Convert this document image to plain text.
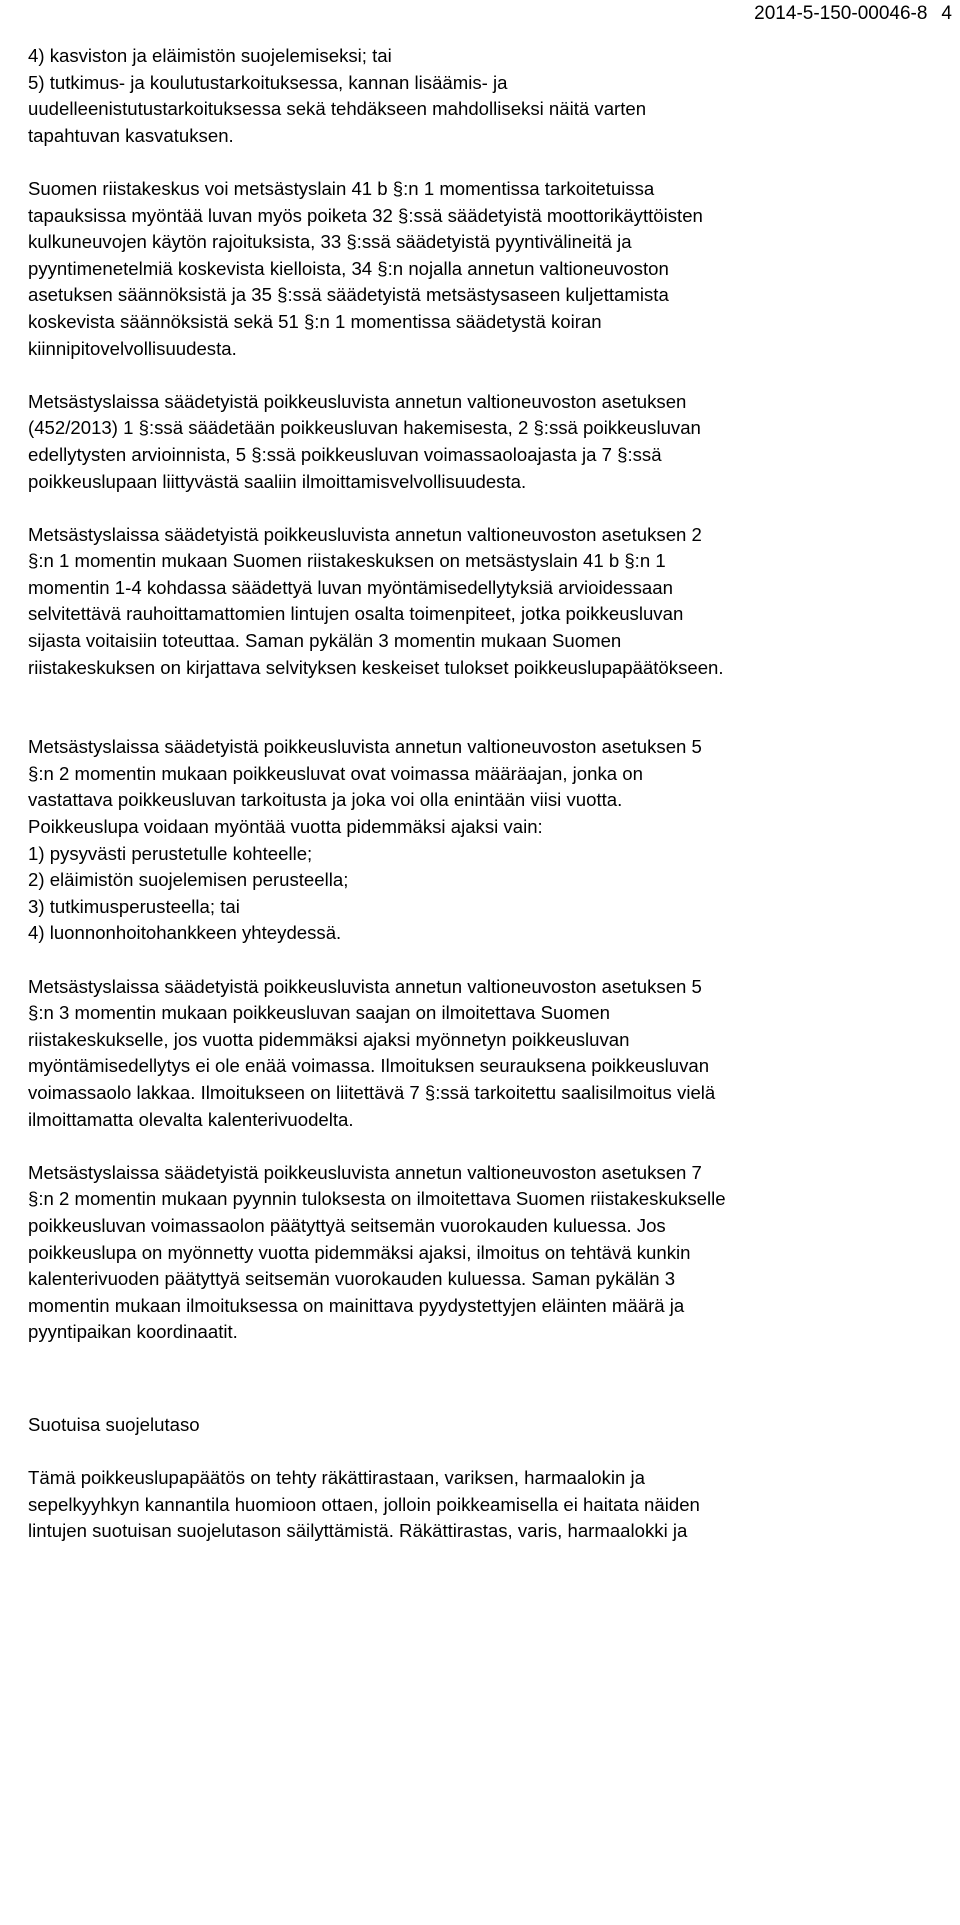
2014-5-150-00046-8 4

4) kasviston ja eläimistön suojelemiseksi; tai
5) tutkimus- ja koulutustarkoituksessa, kannan lisäämis- ja
uudelleenistutustarkoituksessa sekä tehdäkseen mahdolliseksi näitä varten
tapahtuvan kasvatuksen.

Suomen riistakeskus voi metsästyslain 41 b §:n 1 momentissa tarkoitetuissa
tapauksissa myöntää luvan myös poiketa 32 §:ssä säädetyistä moottorikäyttöisten
kulkuneuvojen käytön rajoituksista, 33 §:ssä säädetyistä pyyntivälineitä ja
pyyntimenetelmiä koskevista kielloista, 34 §:n nojalla annetun valtioneuvoston
asetuksen säännöksistä ja 35 §:ssä säädetyistä metsästysaseen kuljettamista
koskevista säännöksistä sekä 51 §:n 1 momentissa säädetystä koiran
kiinnipitovelvollisuudesta.

Metsästyslaissa säädetyistä poikkeusluvista annetun valtioneuvoston asetuksen
(452/2013) 1 §:ssä säädetään poikkeusluvan hakemisesta, 2 §:ssä poikkeusluvan
edellytysten arvioinnista, 5 §:ssä poikkeusluvan voimassaoloajasta ja 7 §:ssä
poikkeuslupaan liittyvästä saaliin ilmoittamisvelvollisuudesta.

Metsästyslaissa säädetyistä poikkeusluvista annetun valtioneuvoston asetuksen 2
§:n 1 momentin mukaan Suomen riistakeskuksen on metsästyslain 41 b §:n 1
momentin 1-4 kohdassa säädettyä luvan myöntämisedellytyksiä arvioidessaan
selvitettävä rauhoittamattomien lintujen osalta toimenpiteet, jotka poikkeusluvan
sijasta voitaisiin toteuttaa. Saman pykälän 3 momentin mukaan Suomen
riistakeskuksen on kirjattava selvityksen keskeiset tulokset poikkeuslupapäätökseen.

Metsästyslaissa säädetyistä poikkeusluvista annetun valtioneuvoston asetuksen 5
§:n 2 momentin mukaan poikkeusluvat ovat voimassa määräajan, jonka on
vastattava poikkeusluvan tarkoitusta ja joka voi olla enintään viisi vuotta.
Poikkeuslupa voidaan myöntää vuotta pidemmäksi ajaksi vain:
1) pysyvästi perustetulle kohteelle;
2) eläimistön suojelemisen perusteella;
3) tutkimusperusteella; tai
4) luonnonhoitohankkeen yhteydessä.

Metsästyslaissa säädetyistä poikkeusluvista annetun valtioneuvoston asetuksen 5
§:n 3 momentin mukaan poikkeusluvan saajan on ilmoitettava Suomen
riistakeskukselle, jos vuotta pidemmäksi ajaksi myönnetyn poikkeusluvan
myöntämisedellytys ei ole enää voimassa. Ilmoituksen seurauksena poikkeusluvan
voimassaolo lakkaa. Ilmoitukseen on liitettävä 7 §:ssä tarkoitettu saalisilmoitus vielä
ilmoittamatta olevalta kalenterivuodelta.

Metsästyslaissa säädetyistä poikkeusluvista annetun valtioneuvoston asetuksen 7
§:n 2 momentin mukaan pyynnin tuloksesta on ilmoitettava Suomen riistakeskukselle
poikkeusluvan voimassaolon päätyttyä seitsemän vuorokauden kuluessa. Jos
poikkeuslupa on myönnetty vuotta pidemmäksi ajaksi, ilmoitus on tehtävä kunkin
kalenterivuoden päätyttyä seitsemän vuorokauden kuluessa. Saman pykälän 3
momentin mukaan ilmoituksessa on mainittava pyydystettyjen eläinten määrä ja
pyyntipaikan koordinaatit.

Suotuisa suojelutaso

Tämä poikkeuslupapäätös on tehty räkättirastaan, variksen, harmaalokin ja
sepelkyyhkyn kannantila huomioon ottaen, jolloin poikkeamisella ei haitata näiden
lintujen suotuisan suojelutason säilyttämistä. Räkättirastas, varis, harmaalokki ja
